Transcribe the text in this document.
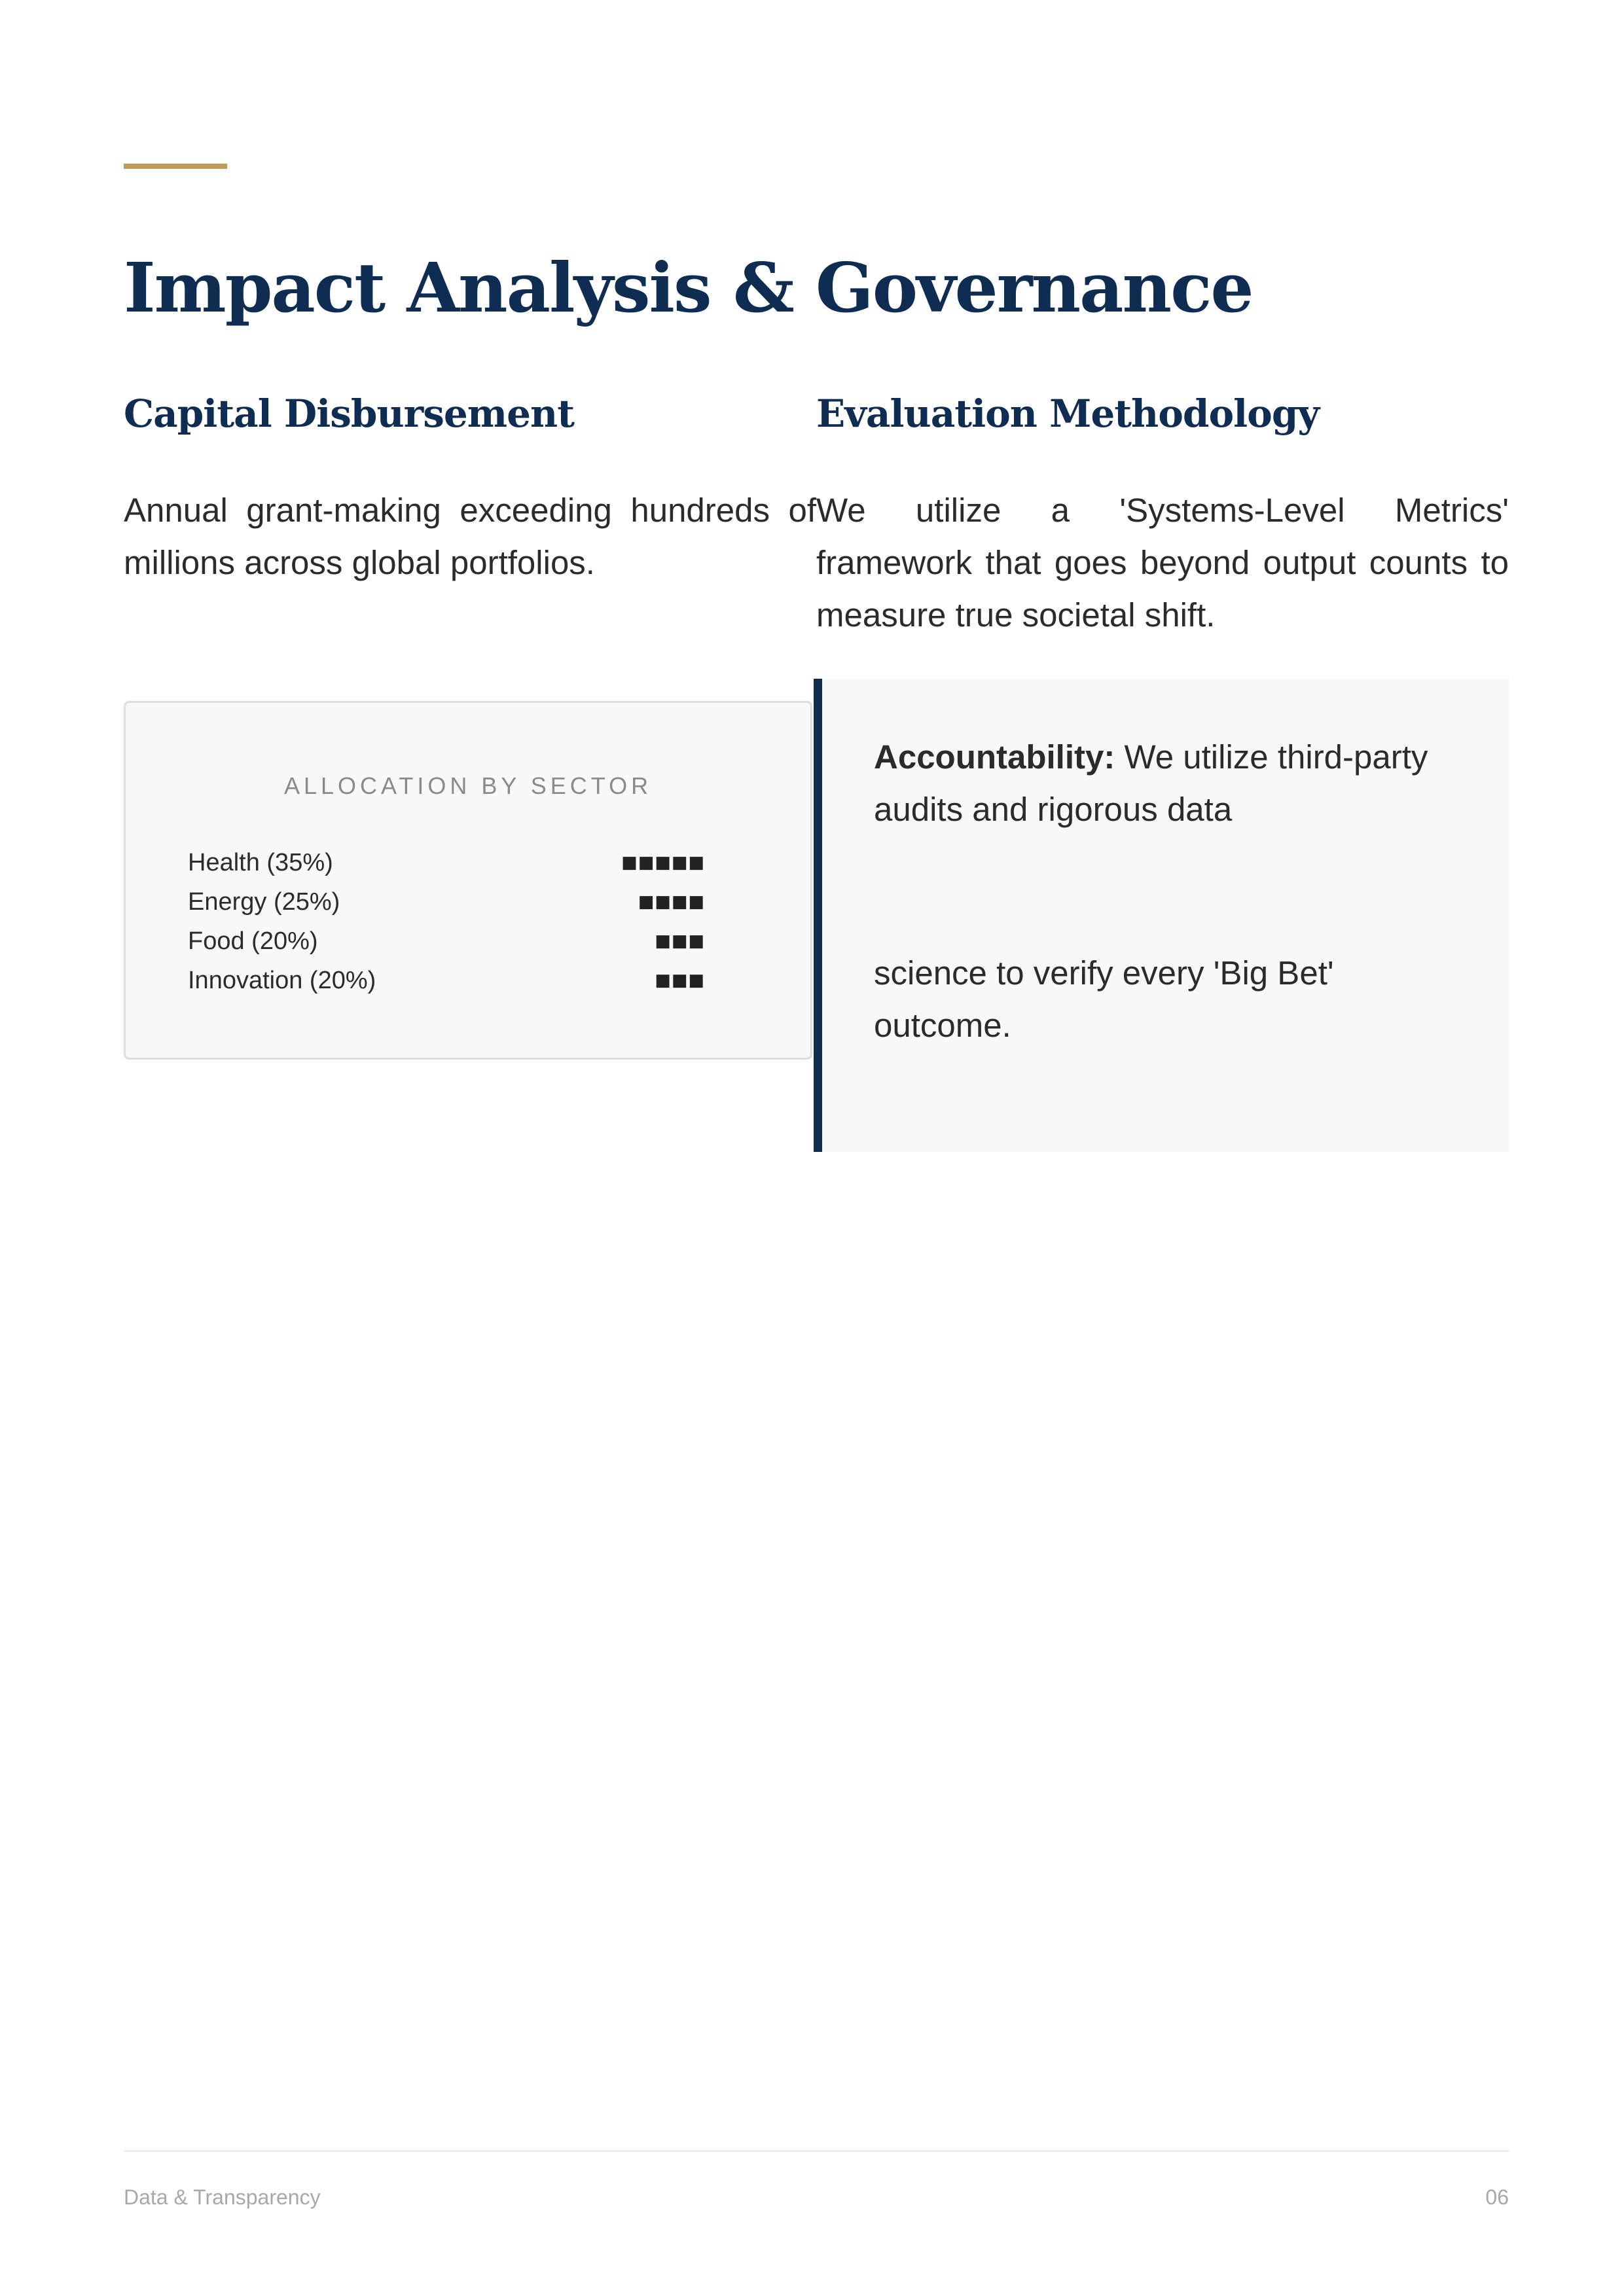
Impact Analysis & Governance
Capital Disbursement

Annual grant-making exceeding hundreds of millions across global portfolios.

Evaluation Methodology

We utilize a 'Systems-Level Metrics' framework that goes beyond output counts to measure true societal shift.

ALLOCATION BY SECTOR
Health (35%)	■■■■■
Energy (25%)	■■■■
Food (20%)	■■■
Innovation (20%)	■■■

Accountability: We utilize third-party audits and rigorous data

science to verify every 'Big Bet' outcome.

Data & Transparency	06
